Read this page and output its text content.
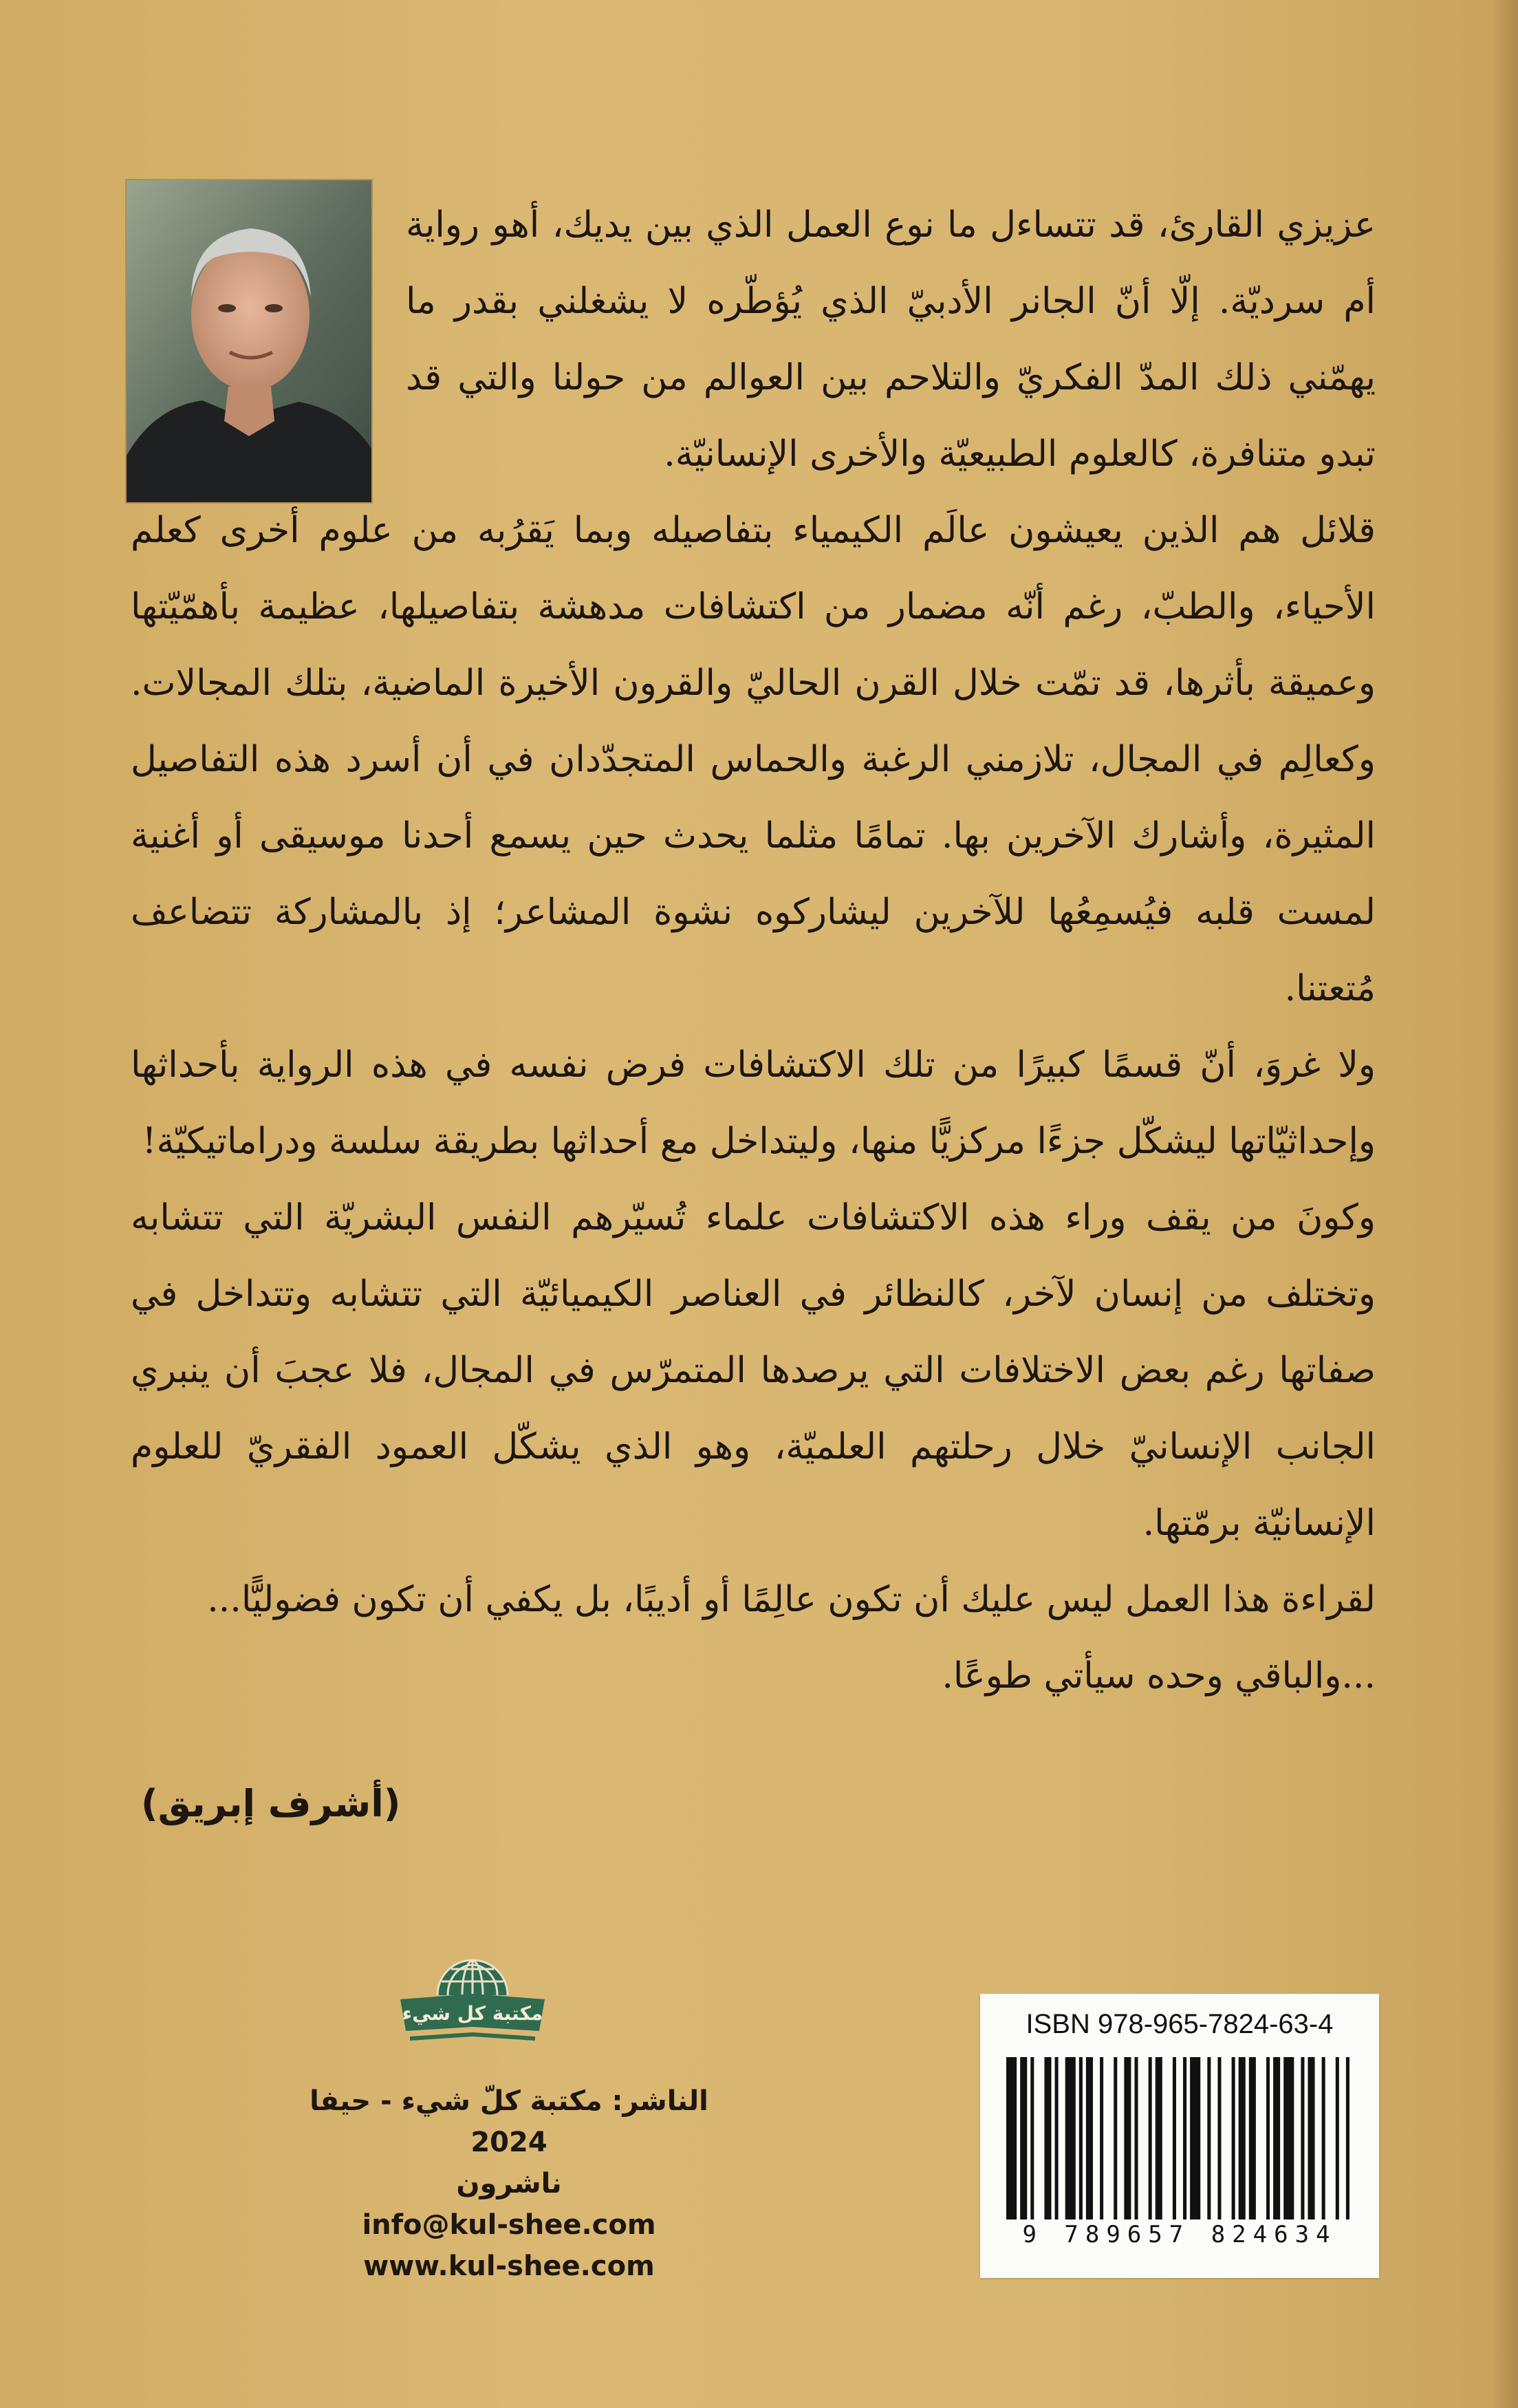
عزيزي القارئ، قد تتساءل ما نوع العمل الذي بين يديك، أهو رواية أم سرديّة. إلّا أنّ الجانر الأدبيّ الذي يُؤطّره لا يشغلني بقدر ما يهمّني ذلك المدّ الفكريّ والتلاحم بين العوالم من حولنا والتي قد تبدو متنافرة، كالعلوم الطبيعيّة والأخرى الإنسانيّة.

قلائل هم الذين يعيشون عالَم الكيمياء بتفاصيله وبما يَقرُبه من علوم أخرى كعلم الأحياء، والطبّ، رغم أنّه مضمار من اكتشافات مدهشة بتفاصيلها، عظيمة بأهمّيّتها وعميقة بأثرها، قد تمّت خلال القرن الحاليّ والقرون الأخيرة الماضية، بتلك المجالات. وكعالِم في المجال، تلازمني الرغبة والحماس المتجدّدان في أن أسرد هذه التفاصيل المثيرة، وأشارك الآخرين بها. تمامًا مثلما يحدث حين يسمع أحدنا موسيقى أو أغنية لمست قلبه فيُسمِعُها للآخرين ليشاركوه نشوة المشاعر؛ إذ بالمشاركة تتضاعف مُتعتنا.

ولا غروَ، أنّ قسمًا كبيرًا من تلك الاكتشافات فرض نفسه في هذه الرواية بأحداثها وإحداثيّاتها ليشكّل جزءًا مركزيًّا منها، وليتداخل مع أحداثها بطريقة سلسة ودراماتيكيّة!

وكونَ من يقف وراء هذه الاكتشافات علماء تُسيّرهم النفس البشريّة التي تتشابه وتختلف من إنسان لآخر، كالنظائر في العناصر الكيميائيّة التي تتشابه وتتداخل في صفاتها رغم بعض الاختلافات التي يرصدها المتمرّس في المجال، فلا عجبَ أن ينبري الجانب الإنسانيّ خلال رحلتهم العلميّة، وهو الذي يشكّل العمود الفقريّ للعلوم الإنسانيّة برمّتها.

لقراءة هذا العمل ليس عليك أن تكون عالِمًا أو أديبًا، بل يكفي أن تكون فضوليًّا...

...والباقي وحده سيأتي طوعًا.

(أشرف إبريق)
مكتبة كل شيء
الناشر: مكتبة كلّ شيء - حيفا 2024
ناشرون
info@kul-shee.com
www.kul-shee.com
ISBN 978-965-7824-63-4
9 789657 824634
